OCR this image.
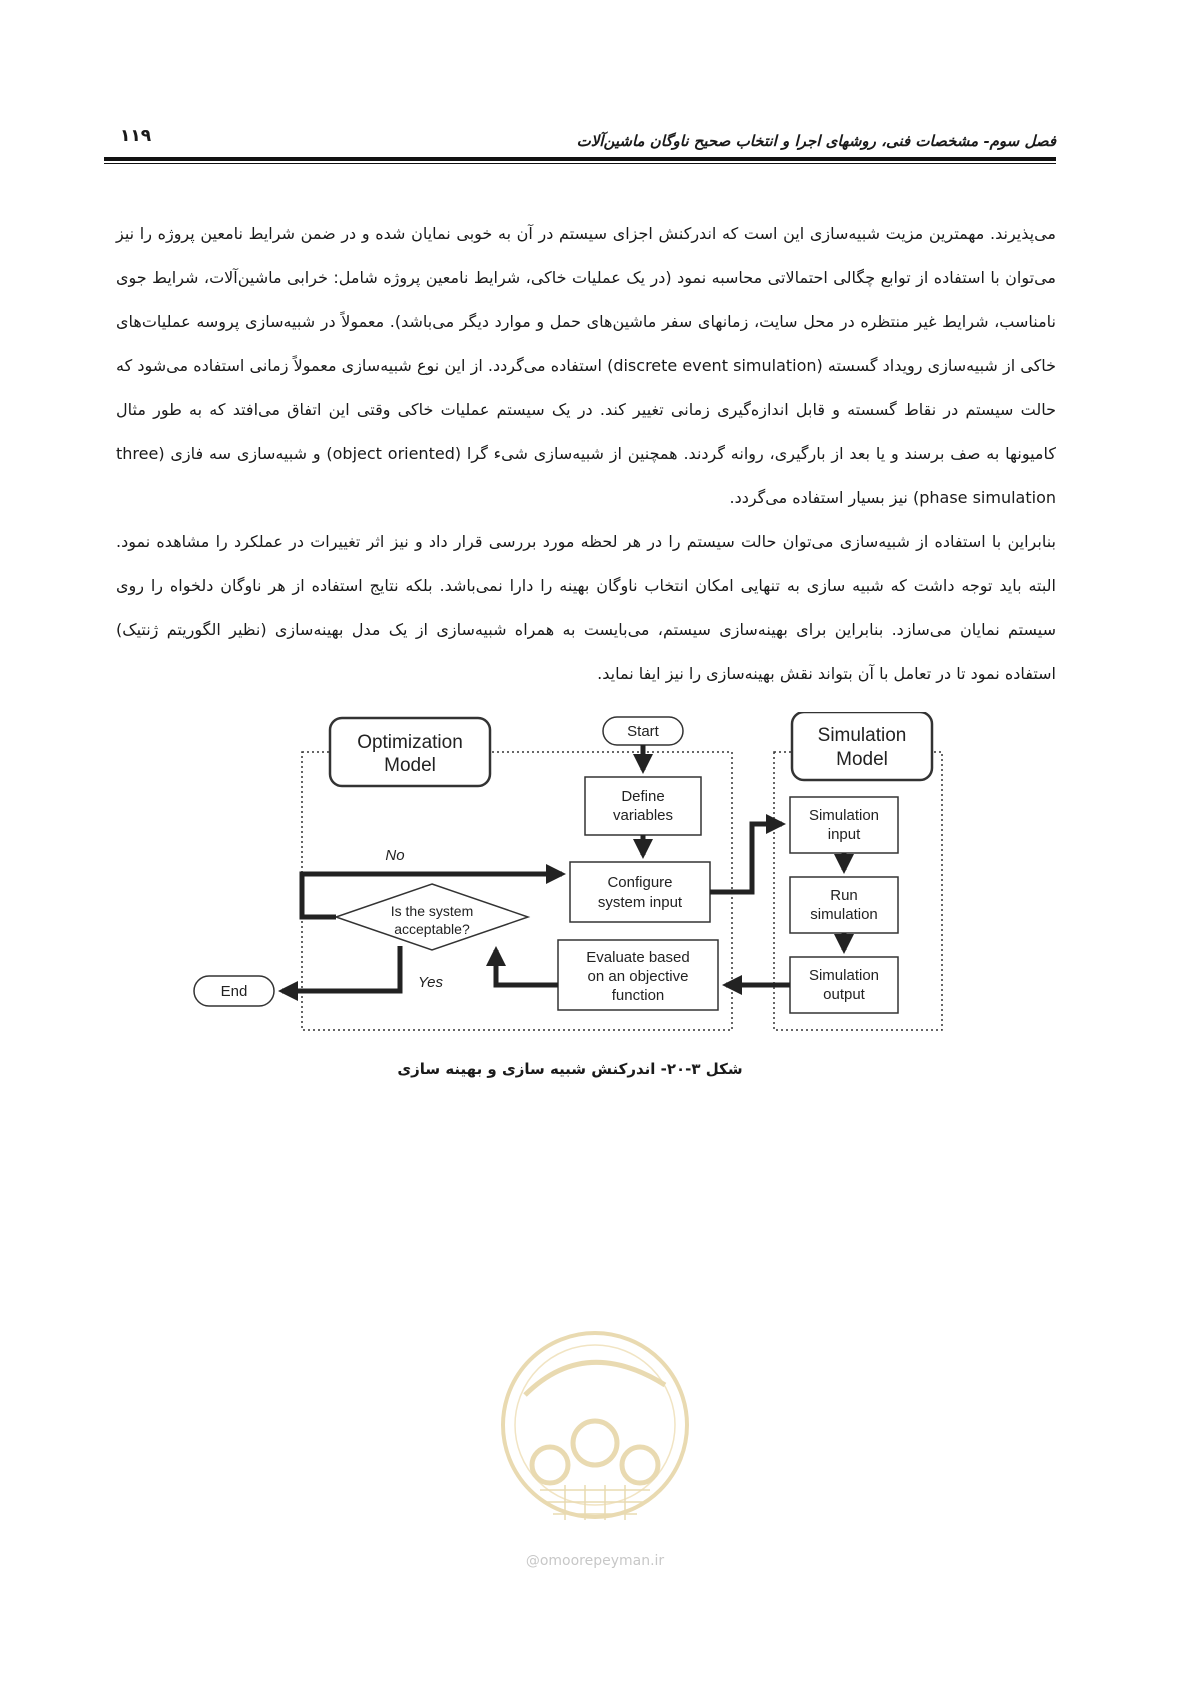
فصل سوم- مشخصات فنی، روشهای اجرا و انتخاب صحیح ناوگان ماشین‌آلات
۱۱۹

می‌پذیرند. مهمترین مزیت شبیه‌سازی این است که اندرکنش اجزای سیستم در آن به خوبی نمایان شده و در ضمن شرایط نامعین پروژه را نیز می‌توان با استفاده از توابع چگالی احتمالاتی محاسبه نمود (در یک عملیات خاکی، شرایط نامعین پروژه شامل: خرابی ماشین‌آلات، شرایط جوی نامناسب، شرایط غیر منتظره در محل سایت، زمانهای سفر ماشین‌های حمل و موارد دیگر می‌باشد). معمولاً در شبیه‌سازی پروسه عملیات‌های خاکی از شبیه‌سازی رویداد گسسته (discrete event simulation) استفاده می‌گردد. از این نوع شبیه‌سازی معمولاً زمانی استفاده می‌شود که حالت سیستم در نقاط گسسته و قابل اندازه‌گیری زمانی تغییر کند. در یک سیستم عملیات خاکی وقتی این اتفاق می‌افتد که به طور مثال کامیونها به صف برسند و یا بعد از بارگیری، روانه گردند. همچنین از شبیه‌سازی شیء گرا (object oriented) و شبیه‌سازی سه فازی (three phase simulation) نیز بسیار استفاده می‌گردد.

بنابراین با استفاده از شبیه‌سازی می‌توان حالت سیستم را در هر لحظه مورد بررسی قرار داد و نیز اثر تغییرات در عملکرد را مشاهده نمود. البته باید توجه داشت که شبیه سازی به تنهایی امکان انتخاب ناوگان بهینه را دارا نمی‌باشد. بلکه نتایج استفاده از هر ناوگان دلخواه را روی سیستم نمایان می‌سازد. بنابراین برای بهینه‌سازی سیستم، می‌بایست به همراه شبیه‌سازی از یک مدل بهینه‌سازی (نظیر الگوریتم ژنتیک) استفاده نمود تا در تعامل با آن بتواند نقش بهینه‌سازی را نیز ایفا نماید.

Optimization
Model
Simulation
Model
Start
Define
variables
Configure
system input
Is the system
acceptable?
Evaluate based
on an objective
function
Simulation
input
Run
simulation
Simulation
output
End
No
Yes
شکل ۳-۲۰- اندرکنش شبیه سازی و بهینه سازی
@omoorepeyman.ir
